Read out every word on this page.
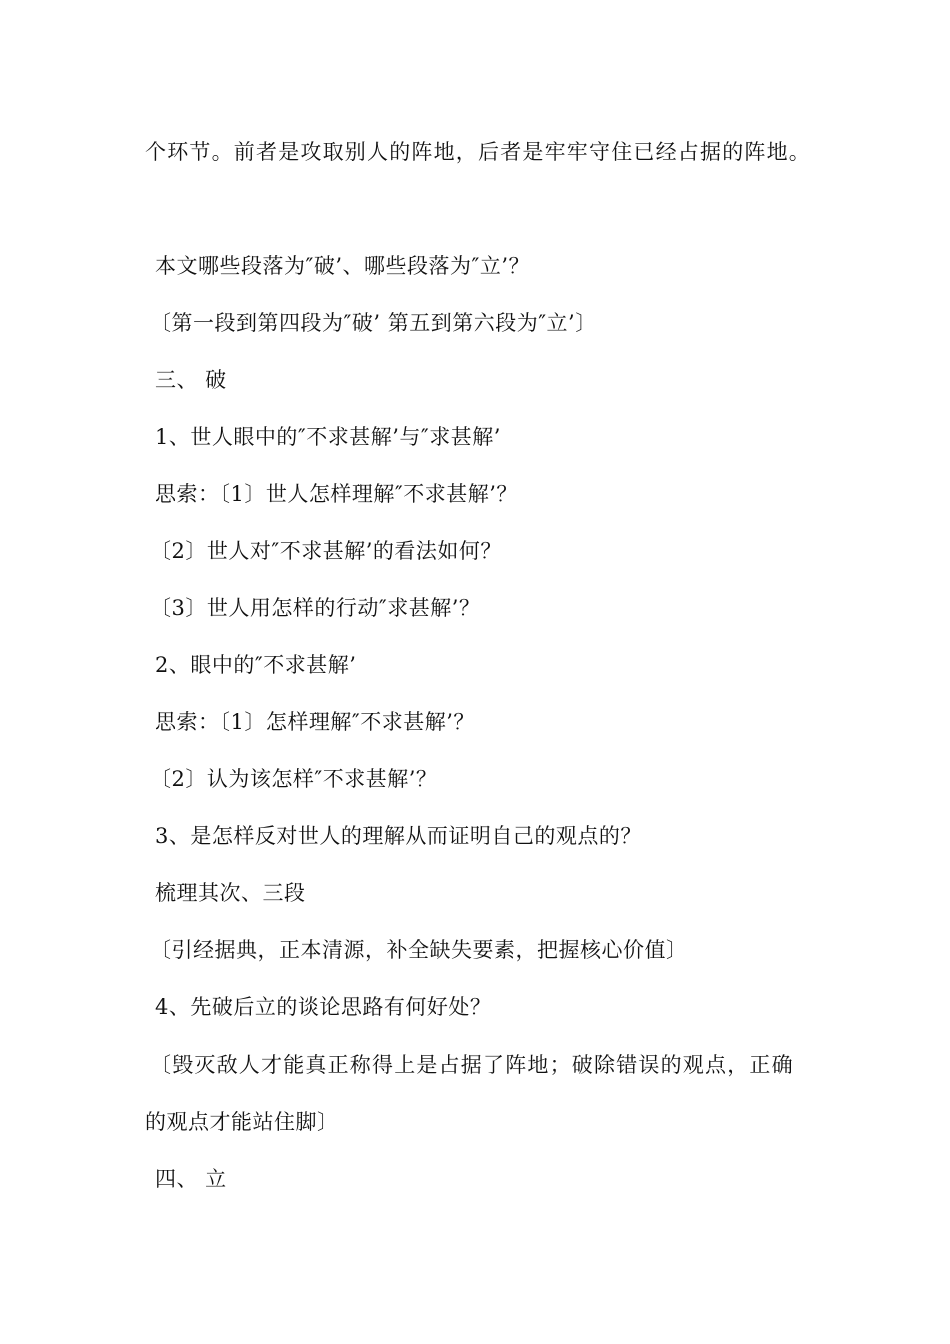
个环节。前者是攻取别人的阵地，后者是牢牢守住已经占据的阵地。
本文哪些段落为″破’、哪些段落为″立’？
〔第一段到第四段为″破’ 第五到第六段为″立’〕
三、 破
1、世人眼中的″不求甚解’与″求甚解’
思索：〔1〕世人怎样理解″不求甚解’？
〔2〕世人对″不求甚解’的看法如何？
〔3〕世人用怎样的行动″求甚解’？
2、眼中的″不求甚解’
思索：〔1〕怎样理解″不求甚解’？
〔2〕认为该怎样″不求甚解’？
3、是怎样反对世人的理解从而证明自己的观点的？
梳理其次、三段
〔引经据典，正本清源，补全缺失要素，把握核心价值〕
4、先破后立的谈论思路有何好处？
〔毁灭敌人才能真正称得上是占据了阵地；破除错误的观点，正确
的观点才能站住脚〕
四、 立
